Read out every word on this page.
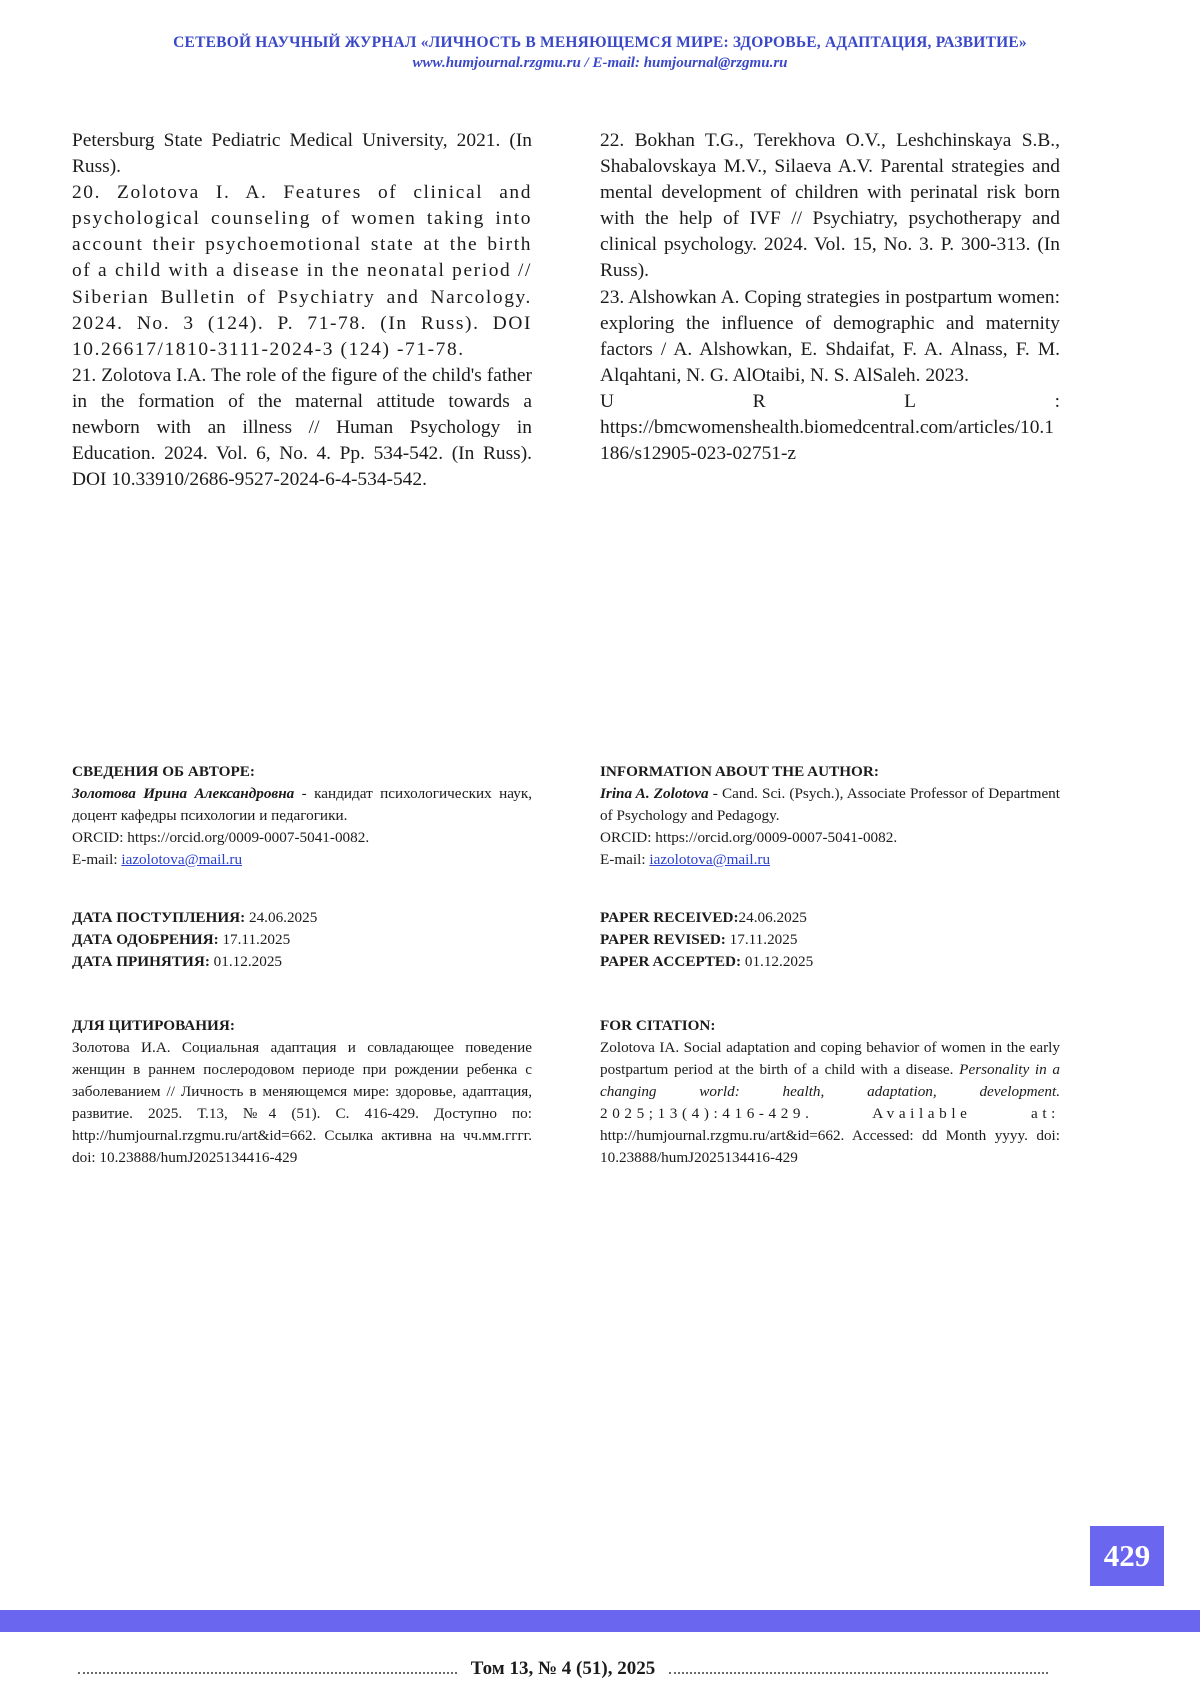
СЕТЕВОЙ НАУЧНЫЙ ЖУРНАЛ «ЛИЧНОСТЬ В МЕНЯЮЩЕМСЯ МИРЕ: ЗДОРОВЬЕ, АДАПТАЦИЯ, РАЗВИТИЕ»
www.humjournal.rzgmu.ru / E-mail: humjournal@rzgmu.ru

Petersburg State Pediatric Medical University, 2021. (In Russ).

20. Zolotova I. A. Features of clinical and psychological counseling of women taking into account their psychoemotional state at the birth of a child with a disease in the neonatal period // Siberian Bulletin of Psychiatry and Narcology. 2024. No. 3 (124). P. 71-78. (In Russ). DOI 10.26617/1810-3111-2024-3 (124) -71-78.

21. Zolotova I.A. The role of the figure of the child's father in the formation of the maternal attitude towards a newborn with an illness // Human Psychology in Education. 2024. Vol. 6, No. 4. Pp. 534-542. (In Russ). DOI 10.33910/2686-9527-2024-6-4-534-542.

22. Bokhan T.G., Terekhova O.V., Leshchinskaya S.B., Shabalovskaya M.V., Silaeva A.V. Parental strategies and mental development of children with perinatal risk born with the help of IVF // Psychiatry, psychotherapy and clinical psychology. 2024. Vol. 15, No. 3. P. 300-313. (In Russ).

23. Alshowkan A. Coping strategies in postpartum women: exploring the influence of demographic and maternity factors / A. Alshowkan, E. Shdaifat, F. A. Alnass, F. M. Alqahtani, N. G. AlOtaibi, N. S. AlSaleh. 2023.

U	R	L	:

https://bmcwomenshealth.biomedcentral.com/articles/10.1186/s12905-023-02751-z

СВЕДЕНИЯ ОБ АВТОРЕ:

Золотова Ирина Александровна - кандидат психологических наук, доцент кафедры психологии и педагогики.

ORCID: https://orcid.org/0009-0007-5041-0082.

E-mail: iazolotova@mail.ru

INFORMATION ABOUT THE AUTHOR:

Irina A. Zolotova - Cand. Sci. (Psych.), Associate Professor of Department of Psychology and Pedagogy.

ORCID: https://orcid.org/0009-0007-5041-0082.

E-mail: iazolotova@mail.ru

ДАТА ПОСТУПЛЕНИЯ: 24.06.2025
ДАТА ОДОБРЕНИЯ: 17.11.2025
ДАТА ПРИНЯТИЯ: 01.12.2025
PAPER RECEIVED:24.06.2025
PAPER REVISED: 17.11.2025
PAPER ACCEPTED: 01.12.2025

ДЛЯ ЦИТИРОВАНИЯ:

Золотова И.А. Социальная адаптация и совладающее поведение женщин в раннем послеродовом периоде при рождении ребенка с заболеванием // Личность в меняющемся мире: здоровье, адаптация, развитие. 2025. Т.13, №4 (51). С. 416-429. Доступно по: http://humjournal.rzgmu.ru/art&id=662. Ссылка активна на чч.мм.гггг. doi: 10.23888/humJ2025134416-429

FOR CITATION:

Zolotova IA. Social adaptation and coping behavior of women in the early postpartum period at the birth of a child with a disease. Personality in a changing world: health, adaptation, development. 2025;13(4):416-429. Available at: http://humjournal.rzgmu.ru/art&id=662. Accessed: dd Month yyyy. doi: 10.23888/humJ2025134416-429

429
Том 13, № 4 (51), 2025
